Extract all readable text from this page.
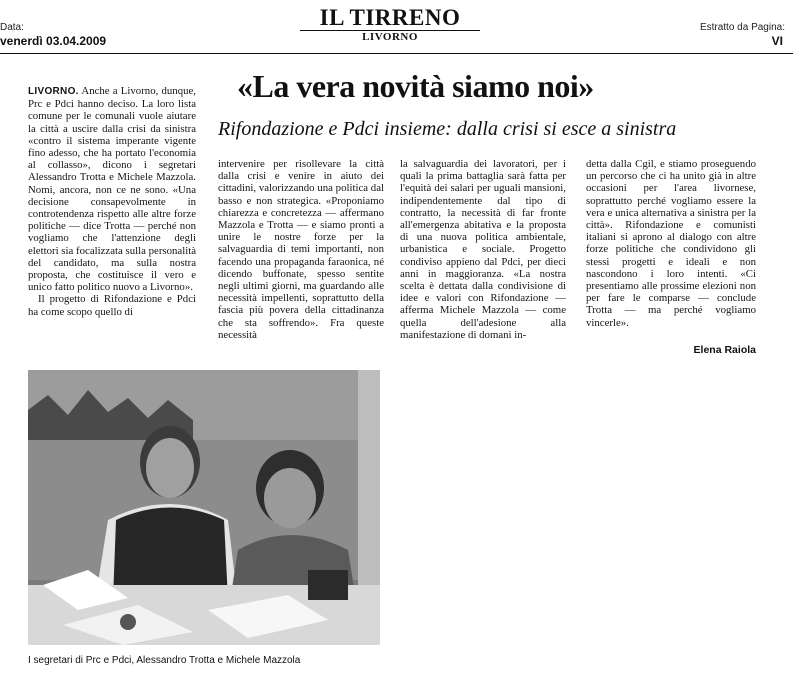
Data:
venerdì 03.04.2009
IL TIRRENO
LIVORNO
Estratto da Pagina:
VI
«La vera novità siamo noi»
Rifondazione e Pdci insieme: dalla crisi si esce a sinistra

LIVORNO. Anche a Livorno, dunque, Prc e Pdci hanno deciso. La loro lista comune per le comunali vuole aiutare la città a uscire dalla crisi da sinistra «contro il sistema imperante vigente fino adesso, che ha portato l'economia al collasso», dicono i segretari Alessandro Trotta e Michele Mazzola. Nomi, ancora, non ce ne sono. «Una decisione consapevolmente in controtendenza rispetto alle altre forze politiche — dice Trotta — perché non vogliamo che l'attenzione degli elettori sia focalizzata sulla personalità del candidato, ma sulla nostra proposta, che costituisce il vero e unico fatto politico nuovo a Livorno».

Il progetto di Rifondazione e Pdci ha come scopo quello di

intervenire per risollevare la città dalla crisi e venire in aiuto dei cittadini, valorizzando una politica dal basso e non strategica. «Proponiamo chiarezza e concretezza — affermano Mazzola e Trotta — e siamo pronti a unire le nostre forze per la salvaguardia di temi importanti, non facendo una propaganda faraonica, né dicendo buffonate, spesso sentite negli ultimi giorni, ma guardando alle necessità impellenti, soprattutto della fascia più povera della cittadinanza che sta soffrendo». Fra queste necessità

la salvaguardia dei lavoratori, per i quali la prima battaglia sarà fatta per l'equità dei salari per uguali mansioni, indipendentemente dal tipo di contratto, la necessità di far fronte all'emergenza abitativa e la proposta di una nuova politica ambientale, urbanistica e sociale. Progetto condiviso appieno dal Pdci, per dieci anni in maggioranza. «La nostra scelta è dettata dalla condivisione di idee e valori con Rifondazione — afferma Michele Mazzola — come quella dell'adesione alla manifestazione di domani in-

detta dalla Cgil, e stiamo proseguendo un percorso che ci ha unito già in altre occasioni per l'area livornese, soprattutto perché vogliamo essere la vera e unica alternativa a sinistra per la città». Rifondazione e comunisti italiani si aprono al dialogo con altre forze politiche che condividono gli stessi progetti e ideali e non nascondono i loro intenti. «Ci presentiamo alle prossime elezioni non per fare le comparse — conclude Trotta — ma perché vogliamo vincerle».

Elena Raiola
I segretari di Prc e Pdci, Alessandro Trotta e Michele Mazzola
